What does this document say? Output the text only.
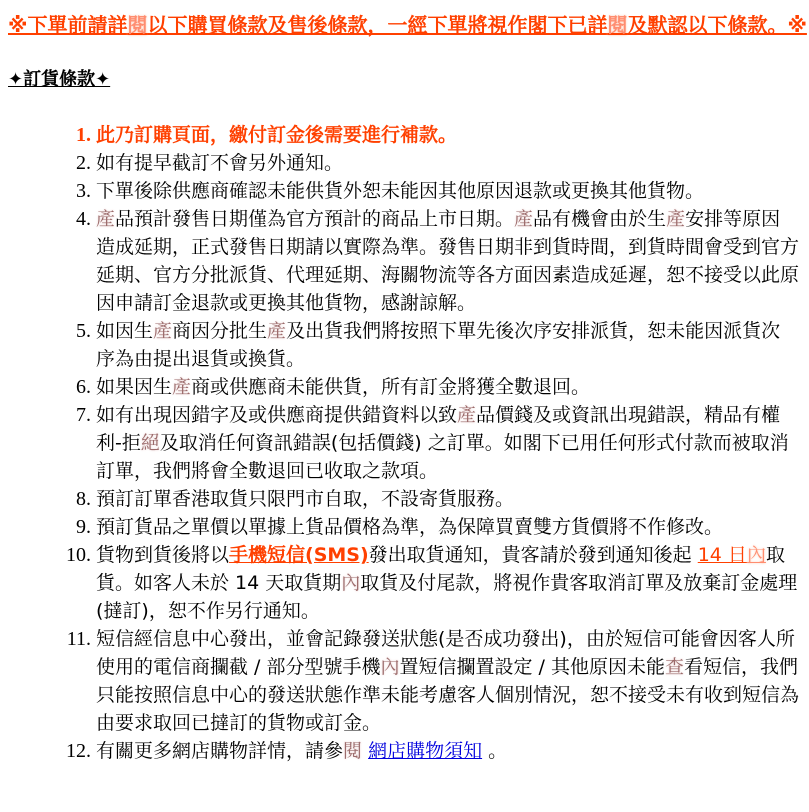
※下單前請詳閱以下購買條款及售後條款，一經下單將視作閣下已詳閱及默認以下條款。※
✦訂貨條款✦
1. 此乃訂購頁面，繳付訂金後需要進行補款。
2. 如有提早截訂不會另外通知。
3. 下單後除供應商確認未能供貨外恕未能因其他原因退款或更換其他貨物。
4. 產品預計發售日期僅為官方預計的商品上市日期。產品有機會由於生產安排等原因造成延期，正式發售日期請以實際為準。發售日期非到貨時間，到貨時間會受到官方延期、官方分批派貨、代理延期、海關物流等各方面因素造成延遲，恕不接受以此原因申請訂金退款或更換其他貨物，感謝諒解。
5. 如因生產商因分批生產及出貨我們將按照下單先後次序安排派貨，恕未能因派貨次序為由提出退貨或換貨。
6. 如果因生產商或供應商未能供貨，所有訂金將獲全數退回。
7. 如有出現因錯字及或供應商提供錯資料以致產品價錢及或資訊出現錯誤，精品有權利-拒絕及取消任何資訊錯誤(包括價錢) 之訂單。如閣下已用任何形式付款而被取消訂單，我們將會全數退回已收取之款項。
8. 預訂訂單香港取貨只限門市自取，不設寄貨服務。
9. 預訂貨品之單價以單據上貨品價格為準，為保障買賣雙方貨價將不作修改。
10. 貨物到貨後將以手機短信(SMS)發出取貨通知，貴客請於發到通知後起 14 日內取貨。如客人未於 14 天取貨期內取貨及付尾款，將視作貴客取消訂單及放棄訂金處理(撻訂)，恕不作另行通知。
11. 短信經信息中心發出，並會記錄發送狀態(是否成功發出)，由於短信可能會因客人所使用的電信商攔截 / 部分型號手機內置短信攔置設定 / 其他原因未能查看短信，我們只能按照信息中心的發送狀態作準未能考慮客人個別情況，恕不接受未有收到短信為由要求取回已撻訂的貨物或訂金。
12. 有關更多網店購物詳情，請參閱 網店購物須知 。
